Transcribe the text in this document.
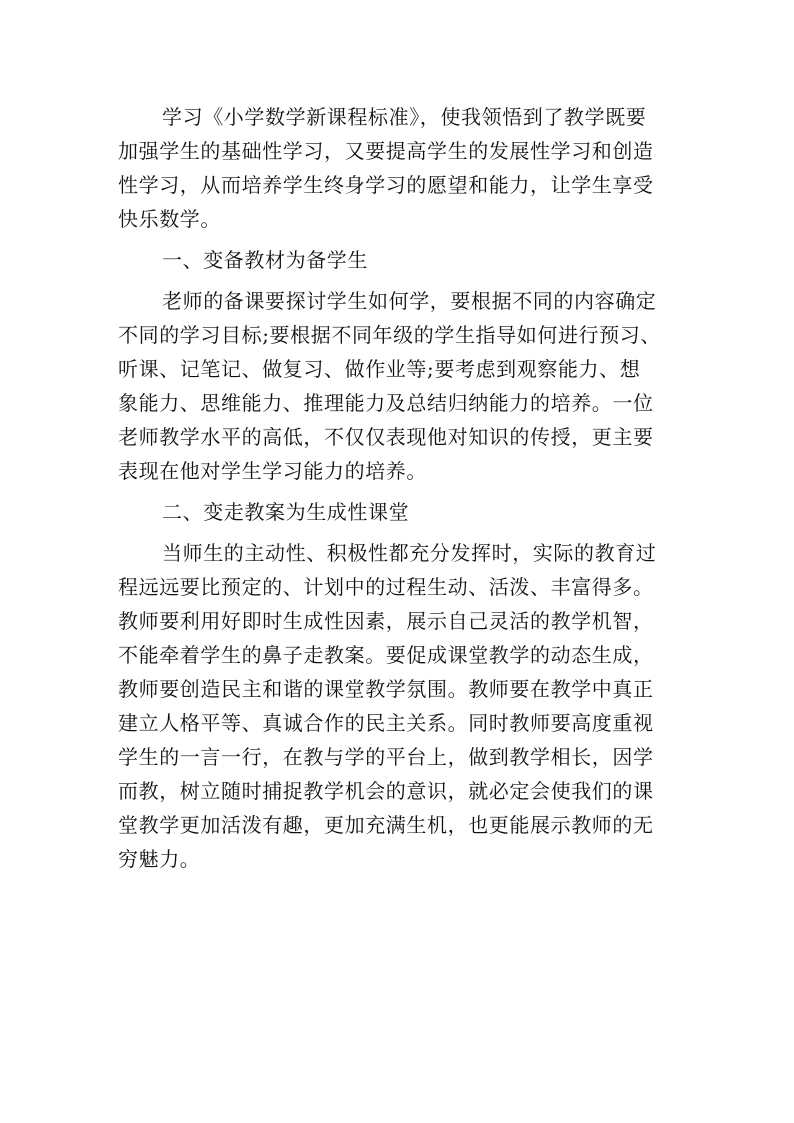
学习《小学数学新课程标准》，使我领悟到了教学既要
加强学生的基础性学习，又要提高学生的发展性学习和创造
性学习，从而培养学生终身学习的愿望和能力，让学生享受
快乐数学。
一、变备教材为备学生
老师的备课要探讨学生如何学，要根据不同的内容确定
不同的学习目标;要根据不同年级的学生指导如何进行预习、
听课、记笔记、做复习、做作业等;要考虑到观察能力、想
象能力、思维能力、推理能力及总结归纳能力的培养。一位
老师教学水平的高低，不仅仅表现他对知识的传授，更主要
表现在他对学生学习能力的培养。
二、变走教案为生成性课堂
当师生的主动性、积极性都充分发挥时，实际的教育过
程远远要比预定的、计划中的过程生动、活泼、丰富得多。
教师要利用好即时生成性因素，展示自己灵活的教学机智，
不能牵着学生的鼻子走教案。要促成课堂教学的动态生成，
教师要创造民主和谐的课堂教学氛围。教师要在教学中真正
建立人格平等、真诚合作的民主关系。同时教师要高度重视
学生的一言一行，在教与学的平台上，做到教学相长，因学
而教，树立随时捕捉教学机会的意识，就必定会使我们的课
堂教学更加活泼有趣，更加充满生机，也更能展示教师的无
穷魅力。
